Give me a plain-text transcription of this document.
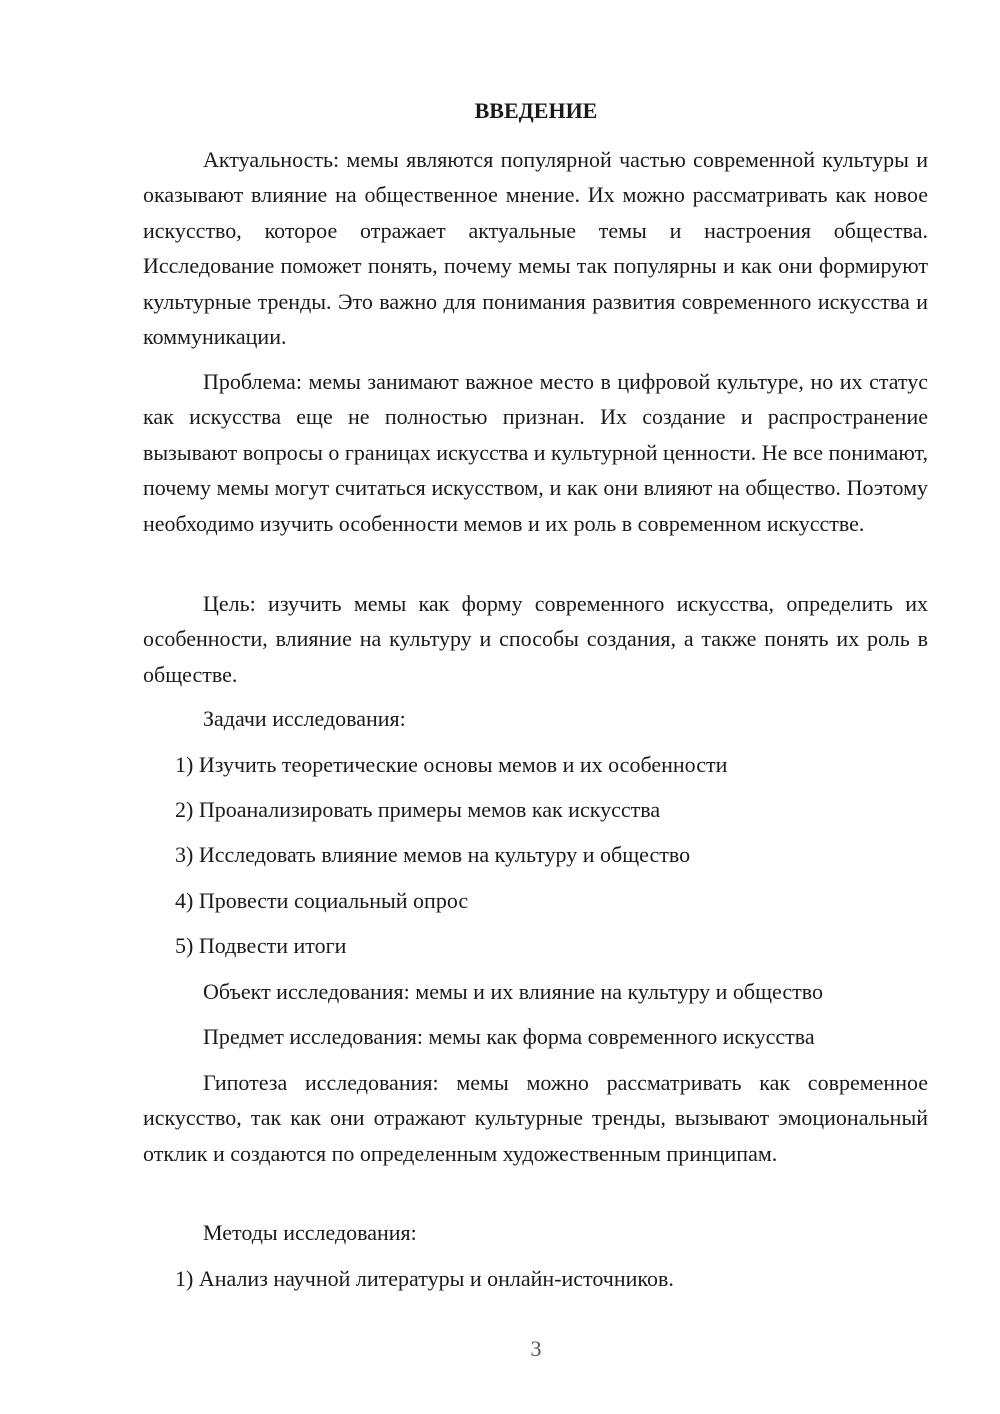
ВВЕДЕНИЕ

Актуальность: мемы являются популярной частью современной культуры и оказывают влияние на общественное мнение. Их можно рассматривать как новое искусство, которое отражает актуальные темы и настроения общества. Исследование поможет понять, почему мемы так популярны и как они формируют культурные тренды. Это важно для понимания развития современного искусства и коммуникации.

Проблема: мемы занимают важное место в цифровой культуре, но их статус как искусства еще не полностью признан. Их создание и распространение вызывают вопросы о границах искусства и культурной ценности. Не все понимают, почему мемы могут считаться искусством, и как они влияют на общество. Поэтому необходимо изучить особенности мемов и их роль в современном искусстве.

Цель: изучить мемы как форму современного искусства, определить их особенности, влияние на культуру и способы создания, а также понять их роль в обществе.

Задачи исследования:
1) Изучить теоретические основы мемов и их особенности
2) Проанализировать примеры мемов как искусства
3) Исследовать влияние мемов на культуру и общество
4) Провести социальный опрос
5) Подвести итоги
Объект исследования: мемы и их влияние на культуру и общество
Предмет исследования: мемы как форма современного искусства

Гипотеза исследования: мемы можно рассматривать как современное искусство, так как они отражают культурные тренды, вызывают эмоциональный отклик и создаются по определенным художественным принципам.

Методы исследования:
1) Анализ научной литературы и онлайн-источников.
3
